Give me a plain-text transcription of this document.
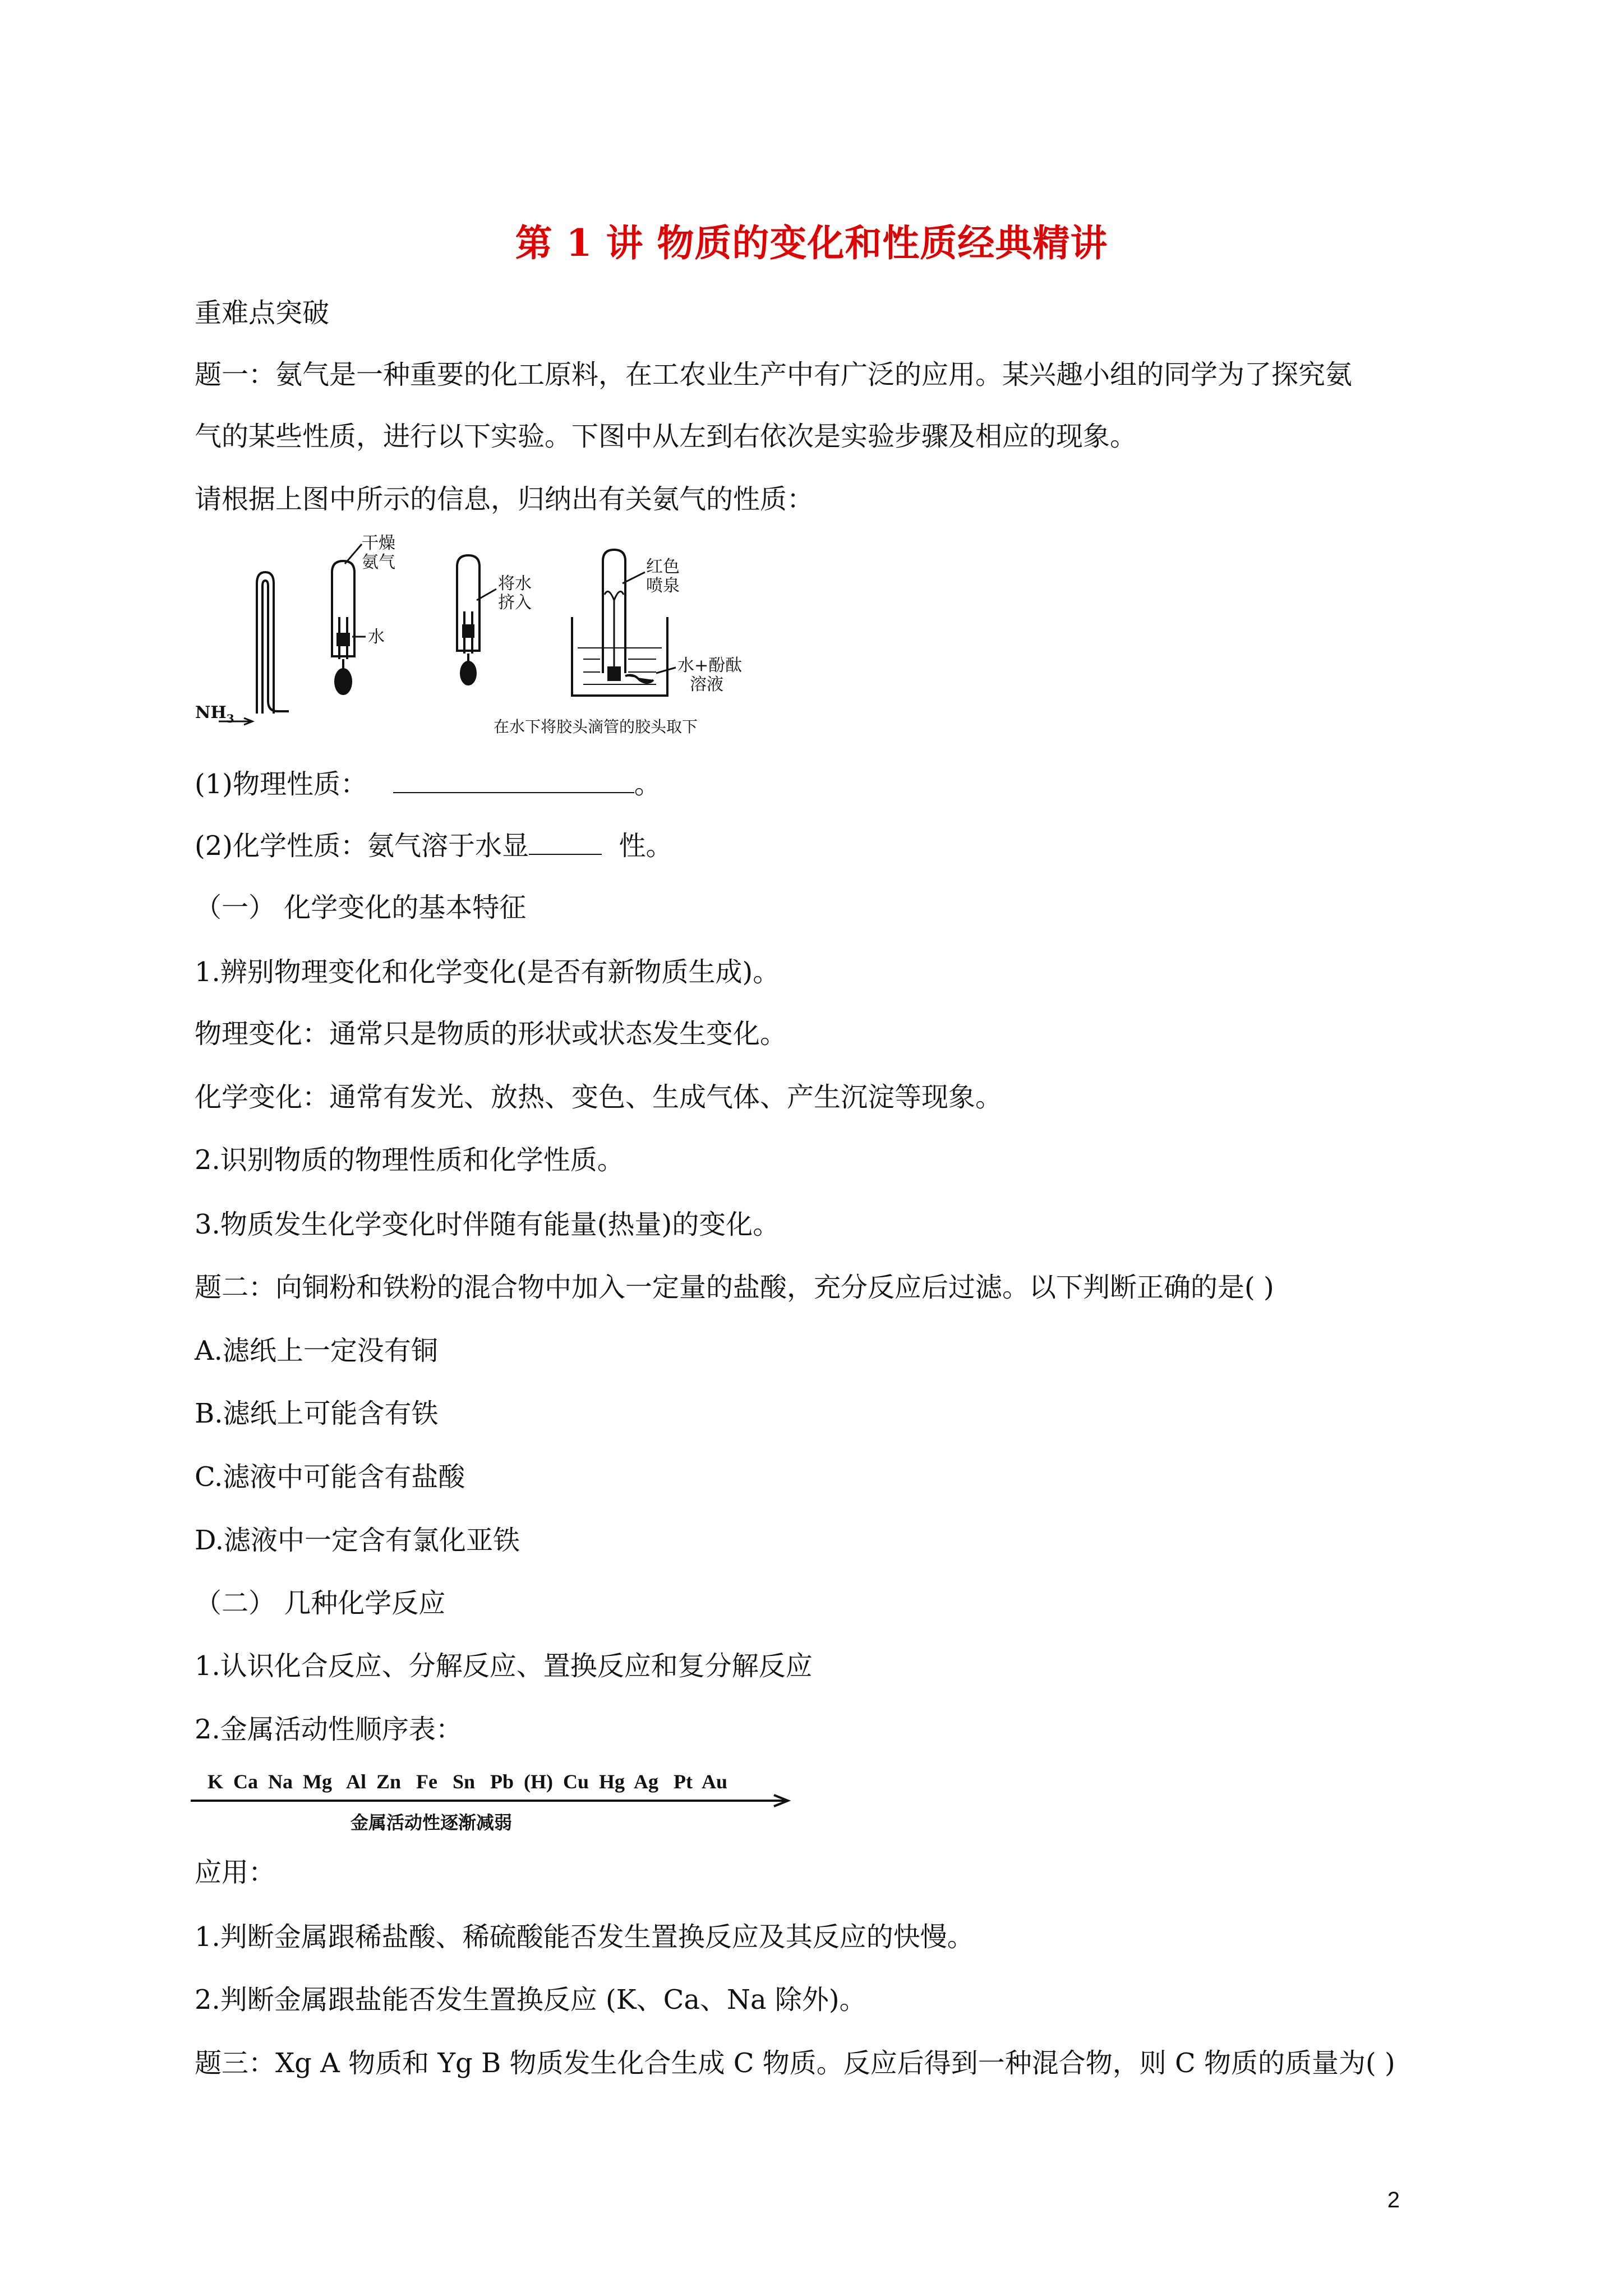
第 1 讲 物质的变化和性质经典精讲
重难点突破
题一：氨气是一种重要的化工原料，在工农业生产中有广泛的应用。某兴趣小组的同学为了探究氨
气的某些性质，进行以下实验。下图中从左到右依次是实验步骤及相应的现象。
请根据上图中所示的信息，归纳出有关氨气的性质：
$NH_3$
干燥
氨气
水
将水
挤入
红色
喷泉
水+酚酞
溶液
在水下将胶头滴管的胶头取下
(1)物理性质：	。
(2)化学性质：氨气溶于水显	性。
（一） 化学变化的基本特征
1.辨别物理变化和化学变化(是否有新物质生成)。
物理变化：通常只是物质的形状或状态发生变化。
化学变化：通常有发光、放热、变色、生成气体、产生沉淀等现象。
2.识别物质的物理性质和化学性质。
3.物质发生化学变化时伴随有能量(热量)的变化。
题二：向铜粉和铁粉的混合物中加入一定量的盐酸，充分反应后过滤。以下判断正确的是( )
A.滤纸上一定没有铜
B.滤纸上可能含有铁
C.滤液中可能含有盐酸
D.滤液中一定含有氯化亚铁
（二） 几种化学反应
1.认识化合反应、分解反应、置换反应和复分解反应
2.金属活动性顺序表：
K  Ca  Na  Mg   Al  Zn   Fe   Sn   Pb  (H)  Cu  Hg  Ag   Pt  Au
金属活动性逐渐减弱
应用：
1.判断金属跟稀盐酸、稀硫酸能否发生置换反应及其反应的快慢。
2.判断金属跟盐能否发生置换反应 (K、Ca、Na 除外)。
题三：Xg A 物质和 Yg B 物质发生化合生成 C 物质。反应后得到一种混合物，则 C 物质的质量为( )
2
